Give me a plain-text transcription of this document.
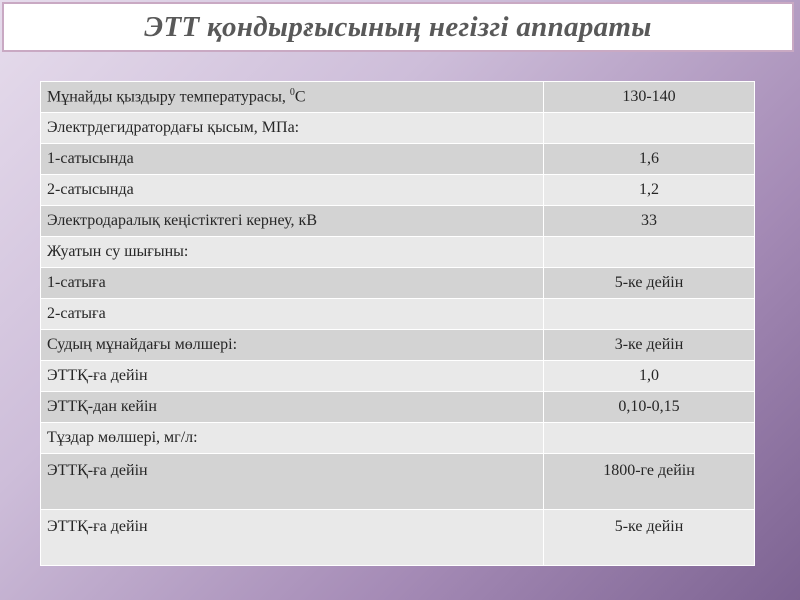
ЭТТ қондырғысының негізгі аппараты
Мұнайды қыздыру температурасы, $^0$С	130-140
Электрдегидратордағы қысым, МПа:	
1-сатысында	1,6
2-сатысында	1,2
Электродаралық кеңістіктегі кернеу, кВ	33
Жуатын су шығыны:	
1-сатыға	5-ке дейін
2-сатыға	
Судың мұнайдағы мөлшері:	3-ке дейін
ЭТТҚ-ға дейін	1,0
ЭТТҚ-дан кейін	0,10-0,15
Тұздар мөлшері, мг/л:	
ЭТТҚ-ға дейін	1800-ге дейін
ЭТТҚ-ға дейін	5-ке дейін
